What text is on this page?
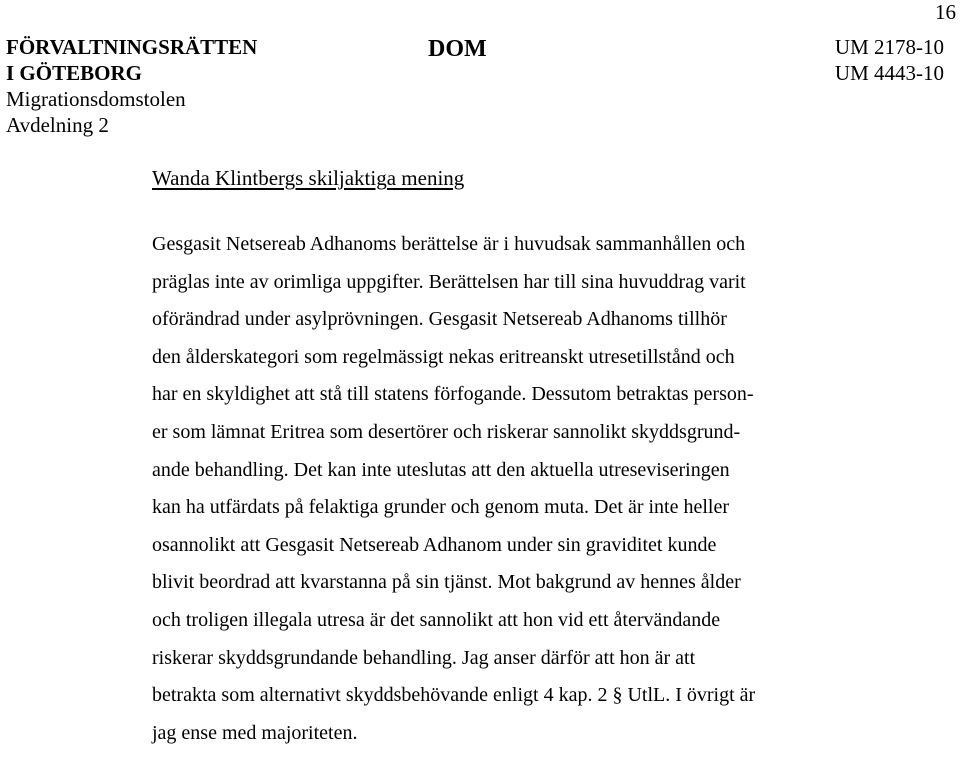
16
FÖRVALTNINGSRÄTTEN
I GÖTEBORG
Migrationsdomstolen
Avdelning 2
DOM	UM 2178-10
UM 4443-10
Wanda Klintbergs skiljaktiga mening
Gesgasit Netsereab Adhanoms berättelse är i huvudsak sammanhållen och
präglas inte av orimliga uppgifter. Berättelsen har till sina huvuddrag varit
oförändrad under asylprövningen. Gesgasit Netsereab Adhanoms tillhör
den ålderskategori som regelmässigt nekas eritreanskt utresetillstånd och
har en skyldighet att stå till statens förfogande. Dessutom betraktas person-
er som lämnat Eritrea som desertörer och riskerar sannolikt skyddsgrund-
ande behandling. Det kan inte uteslutas att den aktuella utreseviseringen
kan ha utfärdats på felaktiga grunder och genom muta. Det är inte heller
osannolikt att Gesgasit Netsereab Adhanom under sin graviditet kunde
blivit beordrad att kvarstanna på sin tjänst. Mot bakgrund av hennes ålder
och troligen illegala utresa är det sannolikt att hon vid ett återvändande
riskerar skyddsgrundande behandling. Jag anser därför att hon är att
betrakta som alternativt skyddsbehövande enligt 4 kap. 2 § UtlL. I övrigt är
jag ense med majoriteten.
